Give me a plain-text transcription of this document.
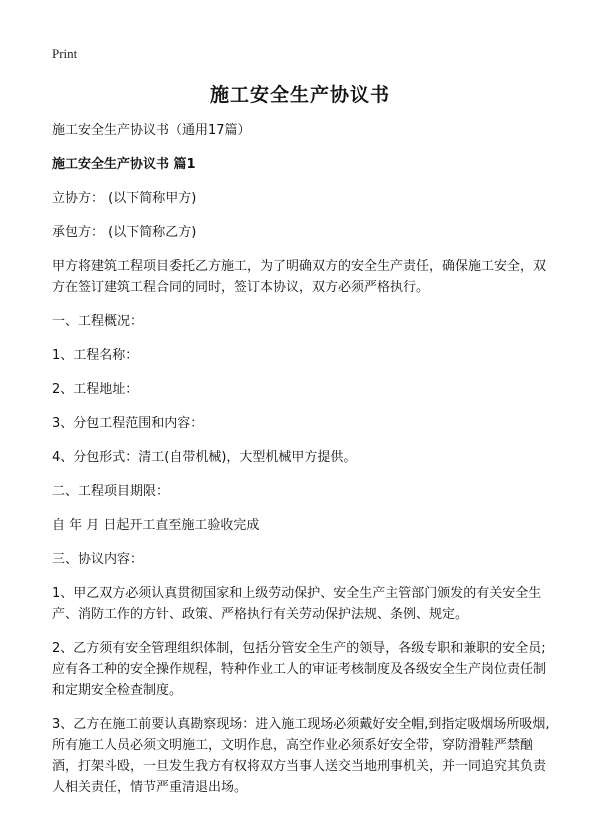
Print
施工安全生产协议书

施工安全生产协议书（通用17篇）

施工安全生产协议书 篇1

立协方： (以下简称甲方)

承包方： (以下简称乙方)

甲方将建筑工程项目委托乙方施工，为了明确双方的安全生产责任，确保施工安全，双方在签订建筑工程合同的同时，签订本协议，双方必须严格执行。

一、工程概况：

1、工程名称：

2、工程地址：

3、分包工程范围和内容：

4、分包形式：清工(自带机械)，大型机械甲方提供。

二、工程项目期限：

自 年 月 日起开工直至施工验收完成

三、协议内容：

1、甲乙双方必须认真贯彻国家和上级劳动保护、安全生产主管部门颁发的有关安全生产、消防工作的方针、政策、严格执行有关劳动保护法规、条例、规定。

2、乙方须有安全管理组织体制，包括分管安全生产的领导，各级专职和兼职的安全员;应有各工种的安全操作规程，特种作业工人的审证考核制度及各级安全生产岗位责任制和定期安全检查制度。

3、乙方在施工前要认真勘察现场：进入施工现场必须戴好安全帽,到指定吸烟场所吸烟,所有施工人员必须文明施工，文明作息，高空作业必须系好安全带，穿防滑鞋严禁酗酒，打架斗殴，一旦发生我方有权将双方当事人送交当地刑事机关，并一同追究其负责人相关责任，情节严重清退出场。
